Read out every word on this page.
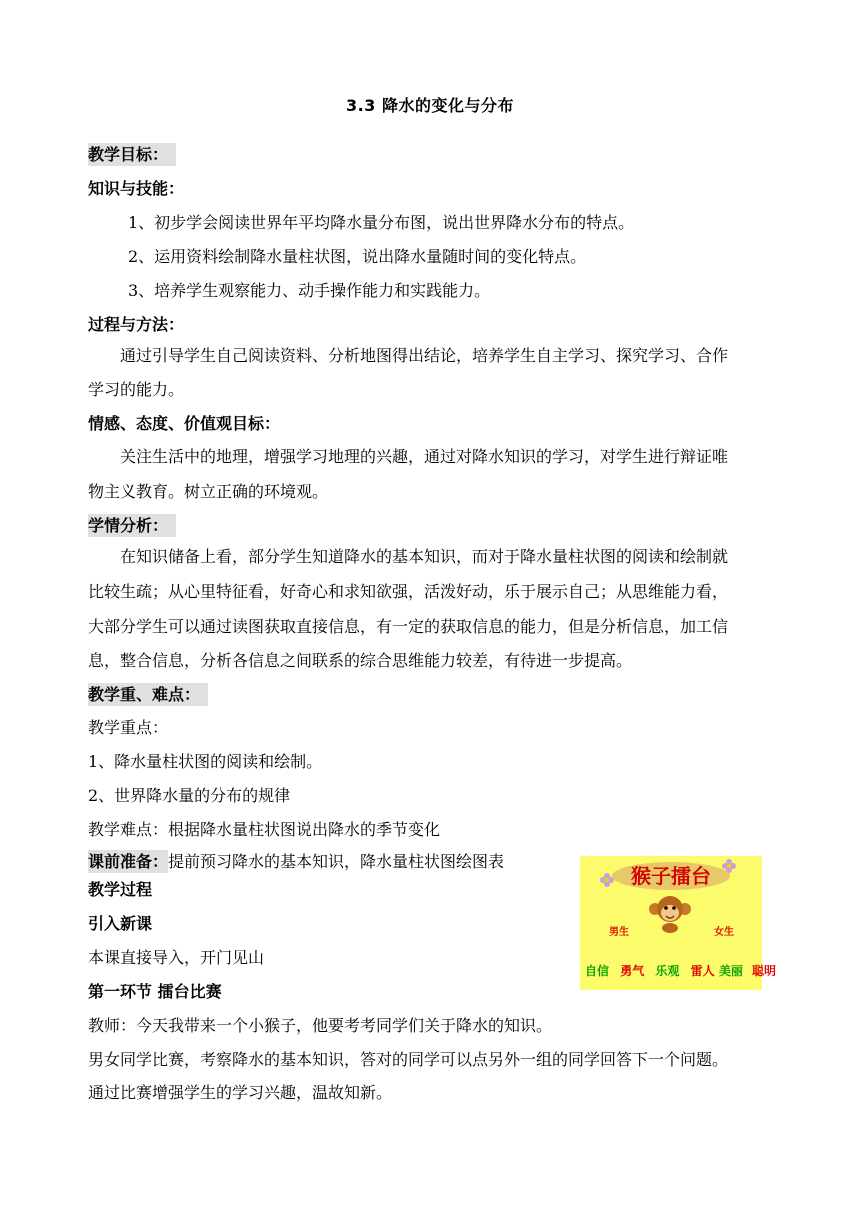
3.3 降水的变化与分布
教学目标：
知识与技能：
1、初步学会阅读世界年平均降水量分布图，说出世界降水分布的特点。
2、运用资料绘制降水量柱状图，说出降水量随时间的变化特点。
3、培养学生观察能力、动手操作能力和实践能力。
过程与方法：
通过引导学生自己阅读资料、分析地图得出结论，培养学生自主学习、探究学习、合作
学习的能力。
情感、态度、价值观目标：
关注生活中的地理，增强学习地理的兴趣，通过对降水知识的学习，对学生进行辩证唯
物主义教育。树立正确的环境观。
学情分析：
在知识储备上看，部分学生知道降水的基本知识，而对于降水量柱状图的阅读和绘制就
比较生疏；从心里特征看，好奇心和求知欲强，活泼好动，乐于展示自己；从思维能力看，
大部分学生可以通过读图获取直接信息，有一定的获取信息的能力，但是分析信息，加工信
息，整合信息，分析各信息之间联系的综合思维能力较差，有待进一步提高。
教学重、难点：
教学重点：
1、降水量柱状图的阅读和绘制。
2、世界降水量的分布的规律
教学难点：根据降水量柱状图说出降水的季节变化
课前准备：提前预习降水的基本知识，降水量柱状图绘图表
教学过程
引入新课
本课直接导入，开门见山
第一环节 擂台比赛
教师：今天我带来一个小猴子，他要考考同学们关于降水的知识。
男女同学比赛，考察降水的基本知识，答对的同学可以点另外一组的同学回答下一个问题。
通过比赛增强学生的学习兴趣，温故知新。
猴子擂台
男生	女生
自信 勇气 乐观 雷人 美丽 聪明
